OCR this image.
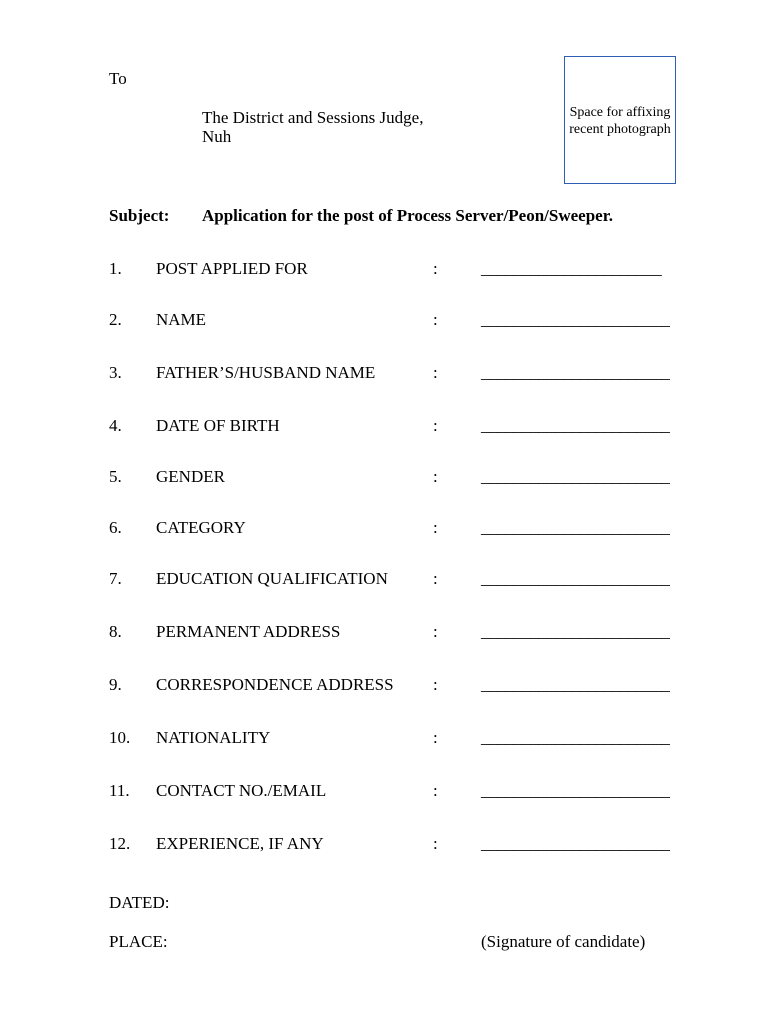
To
The District and Sessions Judge,
Nuh
Space for affixing
recent photograph
Subject: Application for the post of Process Server/Peon/Sweeper.
1. POST APPLIED FOR	:	______________________
2. NAME	:	_______________________
3. FATHER’S/HUSBAND NAME	:	_______________________
4. DATE OF BIRTH	:	_______________________
5. GENDER	:	_______________________
6. CATEGORY	:	_______________________
7. EDUCATION QUALIFICATION	:	_______________________
8. PERMANENT ADDRESS	:	_______________________
9. CORRESPONDENCE ADDRESS :	_______________________
10. NATIONALITY	:	_______________________
11. CONTACT NO./EMAIL	:	_______________________
12. EXPERIENCE, IF ANY	:	_______________________
DATED:
PLACE:	(Signature of candidate)
